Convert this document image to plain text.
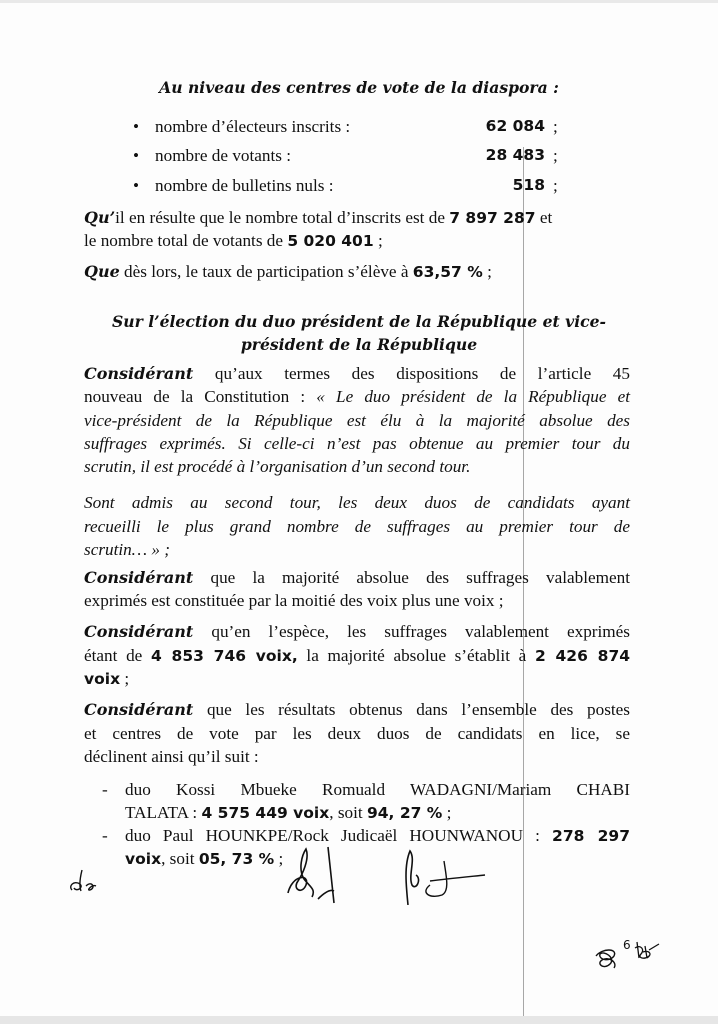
Au niveau des centres de vote de la diaspora :
• nombre d’électeurs inscrits :	62 084 ;
• nombre de votants :	28 483 ;
• nombre de bulletins nuls :	518 ;
Qu’il en résulte que le nombre total d’inscrits est de 7 897 287 et
le nombre total de votants de 5 020 401 ;
Que dès lors, le taux de participation s’élève à 63,57 % ;
Sur l’élection du duo président de la République et vice-
président de la République
Considérant qu’aux termes des dispositions de l’article 45
nouveau de la Constitution : « Le duo président de la République et
vice-président de la République est élu à la majorité absolue des
suffrages exprimés. Si celle-ci n’est pas obtenue au premier tour du
scrutin, il est procédé à l’organisation d’un second tour.
Sont admis au second tour, les deux duos de candidats ayant
recueilli le plus grand nombre de suffrages au premier tour de
scrutin… » ;
Considérant que la majorité absolue des suffrages valablement
exprimés est constituée par la moitié des voix plus une voix ;
Considérant qu’en l’espèce, les suffrages valablement exprimés
étant de 4 853 746 voix, la majorité absolue s’établit à 2 426 874
voix ;
Considérant que les résultats obtenus dans l’ensemble des postes
et centres de vote par les deux duos de candidats en lice, se
déclinent ainsi qu’il suit :
- duo Kossi Mbueke Romuald WADAGNI/Mariam CHABI
TALATA : 4 575 449 voix, soit 94, 27 % ;
- duo Paul HOUNKPE/Rock Judicaël HOUNWANOU : 278 297
voix, soit 05, 73 % ;
6
